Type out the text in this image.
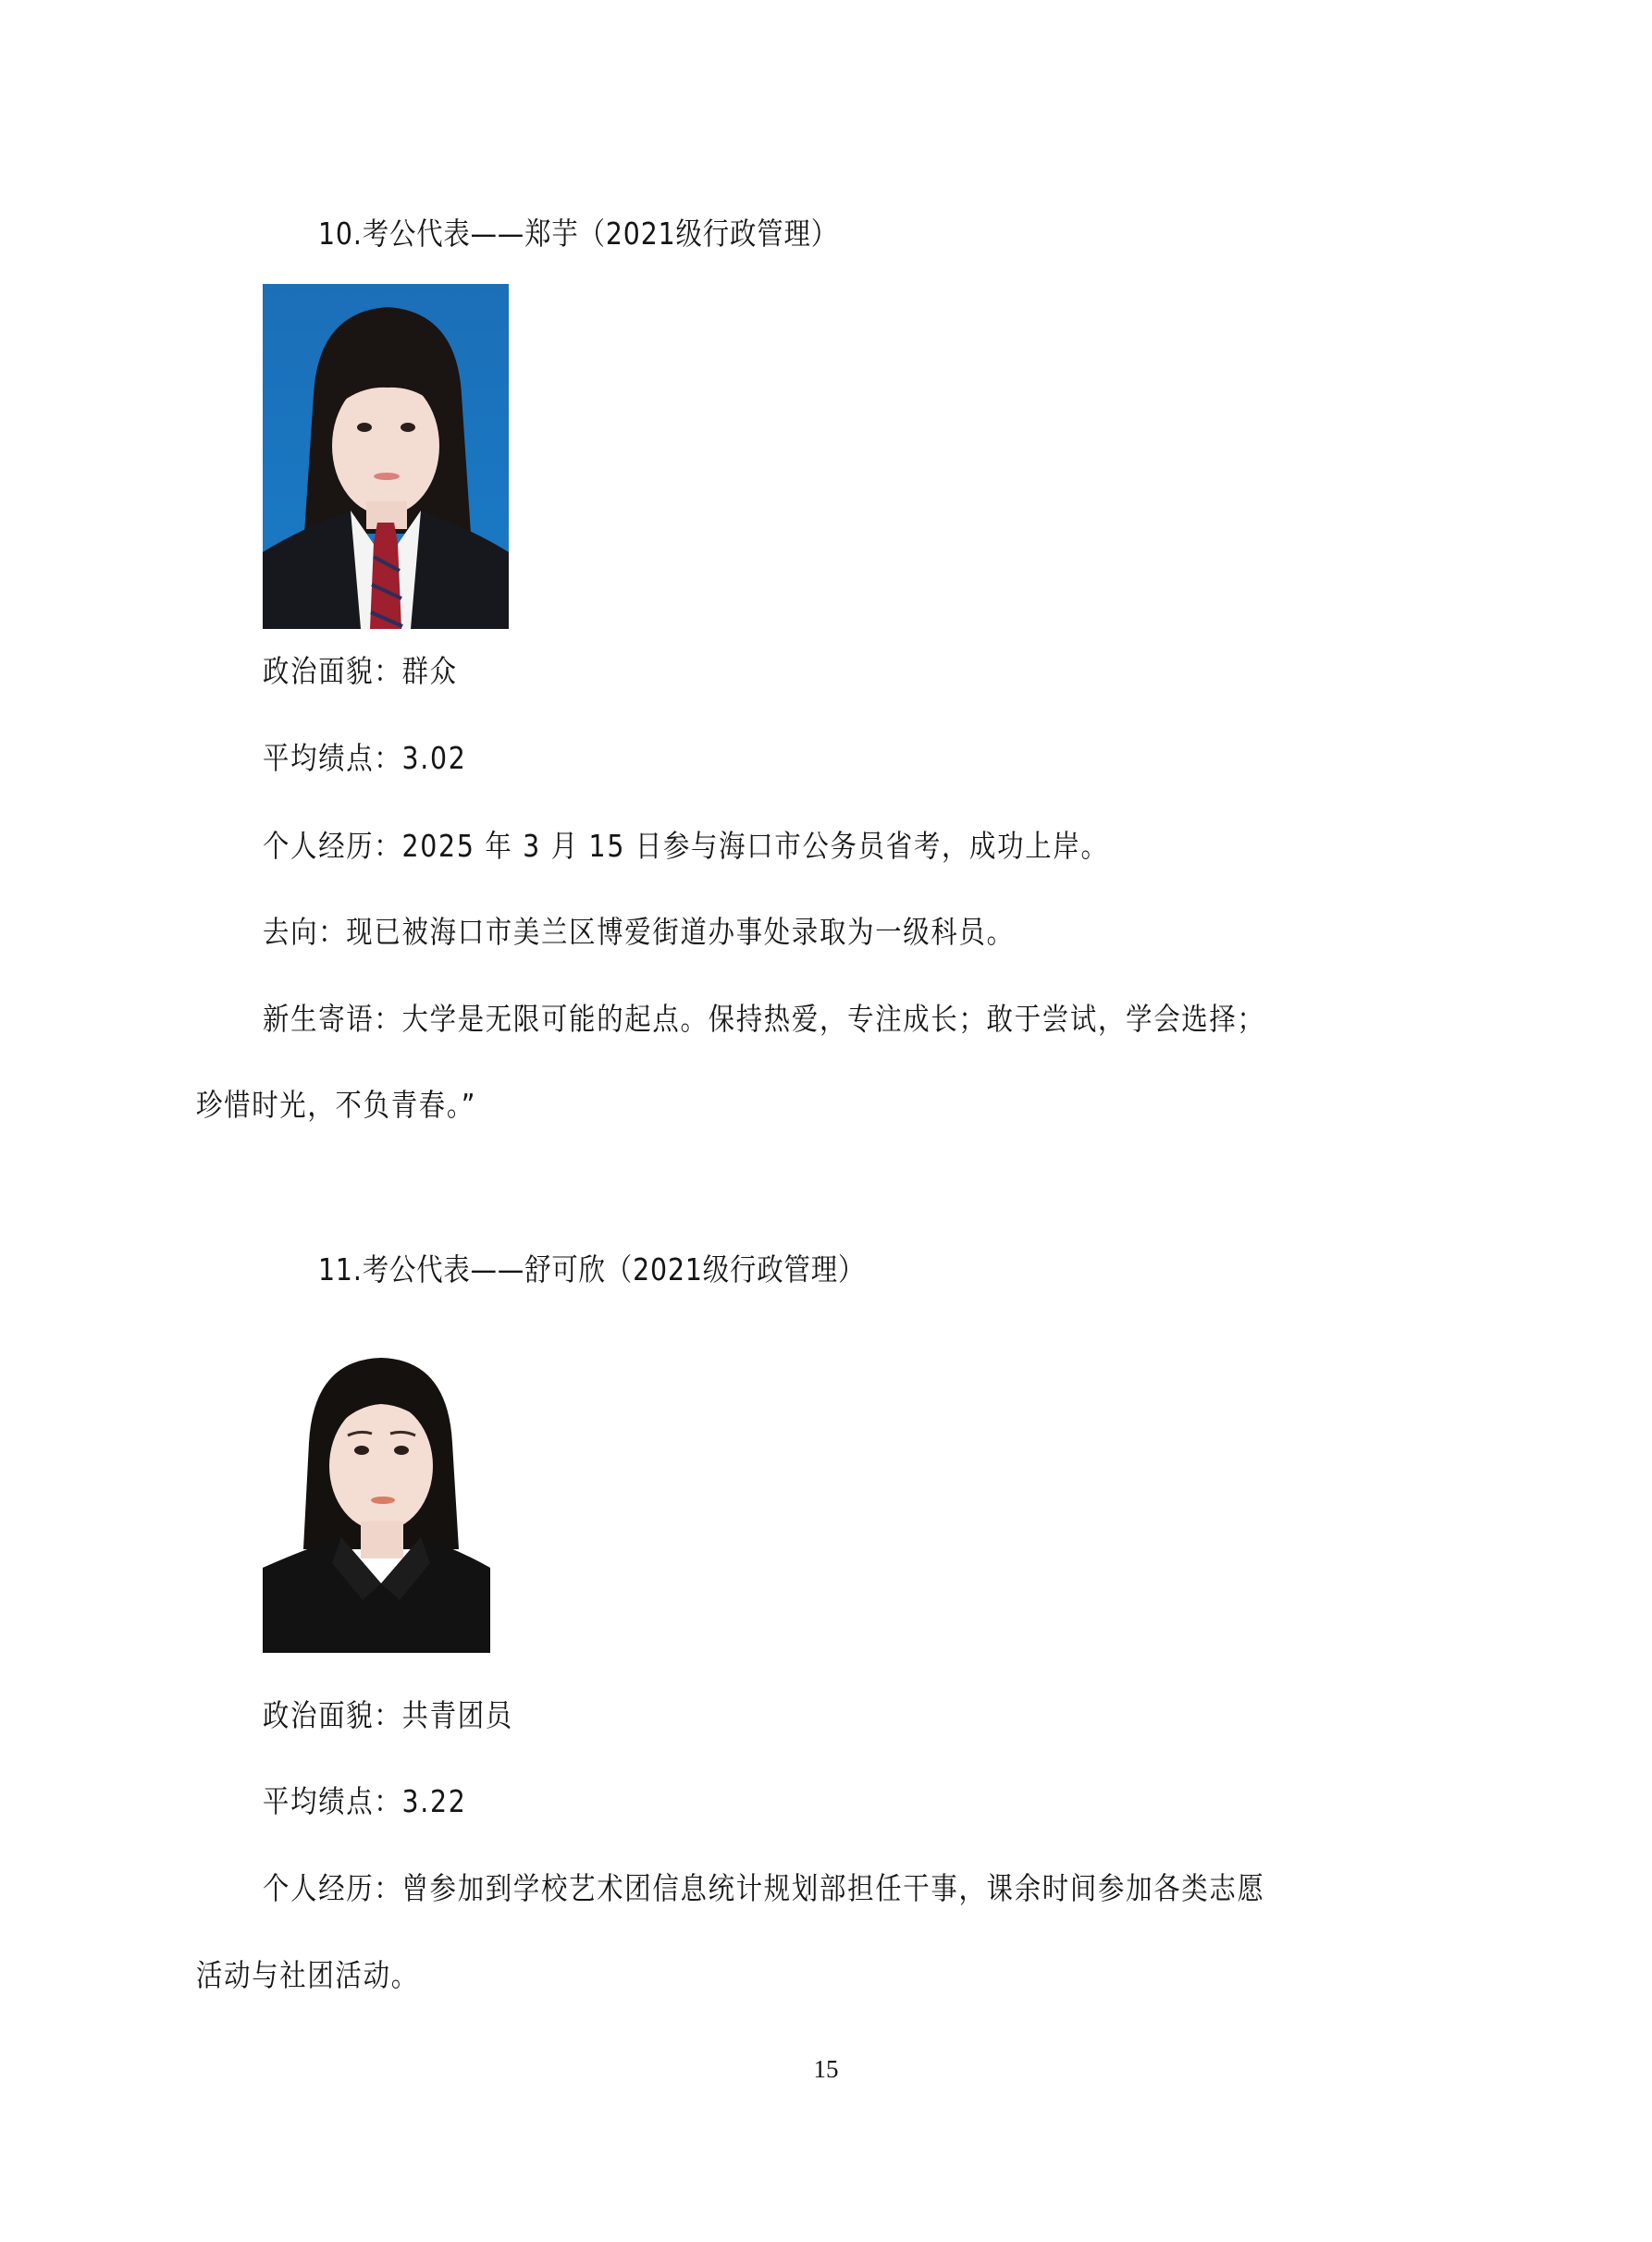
10.考公代表——郑芋（2021级行政管理）
政治面貌：群众
平均绩点：3.02
个人经历：2025 年 3 月 15 日参与海口市公务员省考，成功上岸。
去向：现已被海口市美兰区博爱街道办事处录取为一级科员。
新生寄语：大学是无限可能的起点。保持热爱，专注成长；敢于尝试，学会选择；
珍惜时光，不负青春。”
11.考公代表——舒可欣（2021级行政管理）
政治面貌：共青团员
平均绩点：3.22
个人经历：曾参加到学校艺术团信息统计规划部担任干事，课余时间参加各类志愿
活动与社团活动。
15
